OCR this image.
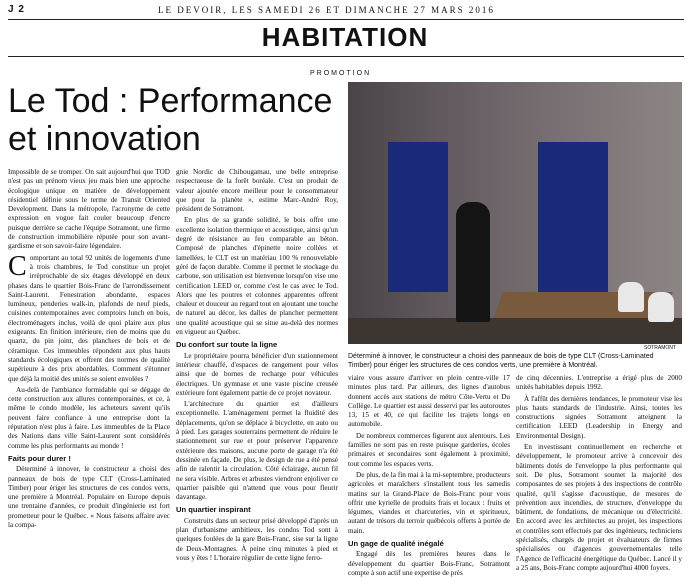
J 2	LE DEVOIR, LES SAMEDI 26 ET DIMANCHE 27 MARS 2016
HABITATION
PROMOTION
Le Tod : Performance
et innovation
SOTRAMONT
Déterminé à innover, le constructeur a choisi des panneaux de bois de type CLT (Cross-Laminated Timber) pour ériger les structures de ces condos verts, une première à Montréal.

Impossible de se tromper. On sait aujourd'hui que TOD n'est pas un prénom vieux jeu mais bien une approche écologique unique en matière de développement résidentiel définie sous le terme de Transit Oriented Development. Dans la métropole, l'acronyme de cette expression en vogue fait couler beaucoup d'encre puisque derrière se cache l'équipe Sotramont, une firme de construction immobilière réputée pour son avant-gardisme et son savoir-faire légendaire.

Comportant au total 92 unités de logements d'une à trois chambres, le Tod constitue un projet irréprochable de six étages développé en deux phases dans le quartier Bois-Franc de l'arrondissement Saint-Laurent. Fenestration abondante, espaces lumineux, penderies walk-in, plafonds de neuf pieds, cuisines contemporaines avec comptoirs lunch en bois, électroménagers inclus, voilà de quoi plaire aux plus exigeants. En finition intérieure, rien de moins que du quartz, du pin joint, des planchers de bois et de céramique. Ces immeubles répondent aux plus hauts standards écologiques et offrent des normes de qualité supérieure à des prix abordables. Comment s'étonner que déjà la moitié des unités se soient envolées ?

Au-delà de l'ambiance formidable qui se dégage de cette construction aux allures contemporaines, et ce, à même le condo modèle, les acheteurs savent qu'ils peuvent faire confiance à une entreprise dont la réputation n'est plus à faire. Les immeubles de la Place des Nations dans ville Saint-Laurent sont considérés comme les plus performants au monde !

Faits pour durer !

Déterminé à innover, le constructeur a choisi des panneaux de bois de type CLT (Cross-Laminated Timber) pour ériger les structures de ces condos verts, une première à Montréal. Populaire en Europe depuis une trentaine d'années, ce produit d'ingénierie est fort prometteur pour le Québec. « Nous faisons affaire avec la compa-

gnie Nordic de Chibougamau, une belle entreprise respectueuse de la forêt boréale. C'est un produit de valeur ajoutée encore meilleur pour le consommateur que pour la planète », estime Marc-André Roy, président de Sotramont.

En plus de sa grande solidité, le bois offre une excellente isolation thermique et acoustique, ainsi qu'un degré de résistance au feu comparable au béton. Composé de planches d'épinette noire collées et lamellées, le CLT est un matériau 100 % renouvelable géré de façon durable. Comme il permet le stockage du carbone, son utilisation est bienvenue lorsqu'on vise une certification LEED or, comme c'est le cas avec le Tod. Alors que les poutres et colonnes apparentes offrent chaleur et douceur au regard tout en ajoutant une touche de naturel au décor, les dalles de plancher permettent une qualité acoustique qui se situe au-delà des normes en vigueur au Québec.

Du confort sur toute la ligne

Le propriétaire pourra bénéficier d'un stationnement intérieur chauffé, d'espaces de rangement pour vélos ainsi que de bornes de recharge pour véhicules électriques. Un gymnase et une vaste piscine creusée extérieure font également partie de ce projet novateur.

L'architecture du quartier est d'ailleurs exceptionnelle. L'aménagement permet la fluidité des déplacements, qu'on se déplace à bicyclette, en auto ou à pied. Les garages souterrains permettent de réduire le stationnement sur rue et pour préserver l'apparence extérieure des maisons, aucune porte de garage n'a été dessinée en façade. De plus, le design de rue a été pensé afin de ralentir la circulation. Côté éclairage, aucun fil ne sera visible. Arbres et arbustes viendront enjoliver ce quartier paisible qui n'attend que vous pour fleurir davantage.

Un quartier inspirant

Construits dans un secteur prisé développé d'après un plan d'urbanisme ambitieux, les condos Tod sont à quelques foulées de la gare Bois-Franc, sise sur la ligne de Deux-Montagnes. À peine cinq minutes à pied et vous y êtes ! L'horaire régulier de cette ligne ferro-

viaire vous assure d'arriver en plein centre-ville 17 minutes plus tard. Par ailleurs, des lignes d'autobus donnent accès aux stations de métro Côte-Vertu et Du Collège. Le quartier est aussi desservi par les autoroutes 13, 15 et 40, ce qui facilite les trajets longs en automobile.

De nombreux commerces figurent aux alentours. Les familles ne sont pas en reste puisque garderies, écoles primaires et secondaires sont également à proximité, tout comme les espaces verts.

De plus, de la fin mai à la mi-septembre, producteurs agricoles et maraîchers s'installent tous les samedis matins sur la Grand-Place de Bois-Franc pour vous offrir une kyrielle de produits frais et locaux : fruits et légumes, viandes et charcuteries, vin et spiritueux, autant de trésors du terroir québécois offerts à portée de main.

Un gage de qualité inégalé

Engagé dès les premières heures dans le développement du quartier Bois-Franc, Sotramont compte à son actif une expertise de près

de cinq décennies. L'entreprise a érigé plus de 2000 unités habitables depuis 1992.

À l'affût des dernières tendances, le promoteur vise les plus hauts standards de l'industrie. Ainsi, toutes les constructions signées Sotramont atteignent la certification LEED (Leadership in Energy and Environmental Design).

En investissant continuellement en recherche et développement, le promoteur arrive à concevoir des bâtiments dotés de l'enveloppe la plus performante qui soit. De plus, Sotramont soumet la majorité des composantes de ses projets à des inspections de contrôle qualité, qu'il s'agisse d'acoustique, de mesures de prévention aux incendies, de structure, d'enveloppe du bâtiment, de fondations, de mécanique ou d'électricité. En accord avec les architectes au projet, les inspections et contrôles sont effectués par des ingénieurs, techniciens spécialisés, chargés de projet et évaluateurs de firmes spécialisées ou d'agences gouvernementales telle l'Agence de l'efficacité énergétique du Québec. Lancé il y a 25 ans, Bois-Franc compte aujourd'hui 4000 foyers.
